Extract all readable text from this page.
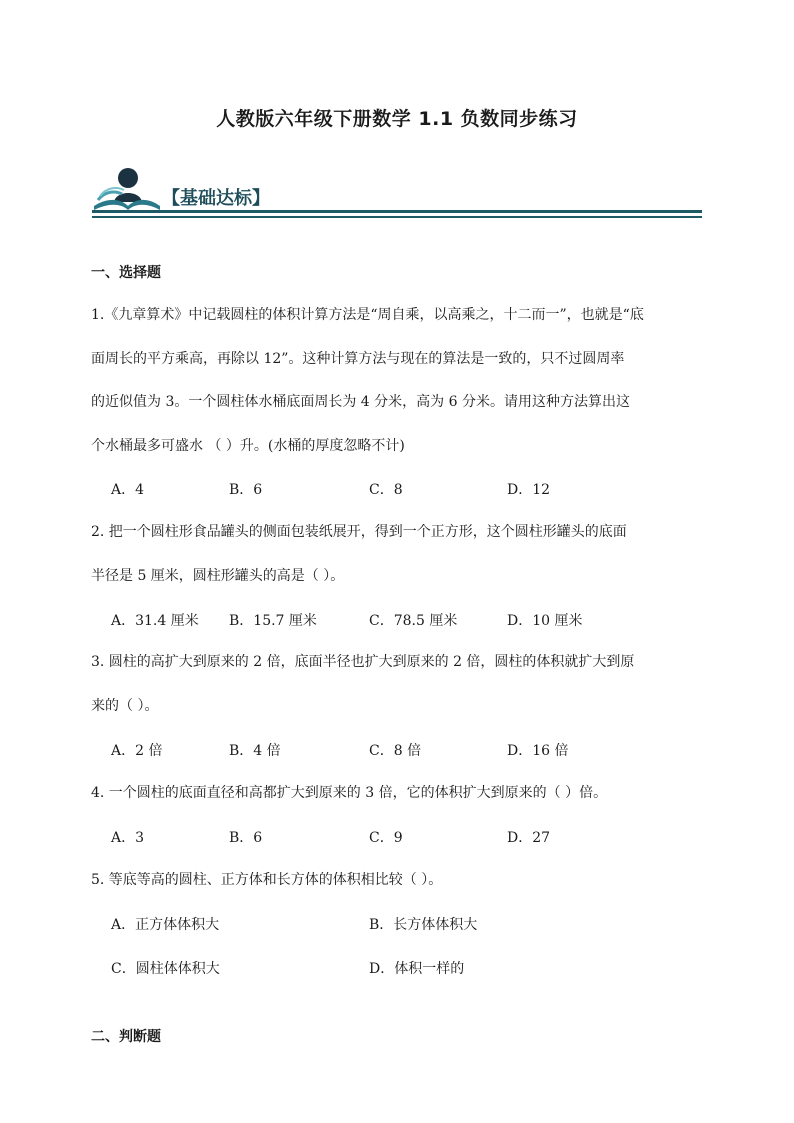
人教版六年级下册数学 1.1 负数同步练习
【基础达标】
一、选择题
1.《九章算术》中记载圆柱的体积计算方法是“周自乘，以高乘之，十二而一”，也就是“底
面周长的平方乘高，再除以 12”。这种计算方法与现在的算法是一致的，只不过圆周率
的近似值为 3。一个圆柱体水桶底面周长为 4 分米，高为 6 分米。请用这种方法算出这
个水桶最多可盛水 （ ）升。(水桶的厚度忽略不计)
A．4	B．6	C．8	D．12
2. 把一个圆柱形食品罐头的侧面包装纸展开，得到一个正方形，这个圆柱形罐头的底面
半径是 5 厘米，圆柱形罐头的高是（ ）。
A．31.4 厘米 B．15.7 厘米	C．78.5 厘米	D．10 厘米
3. 圆柱的高扩大到原来的 2 倍，底面半径也扩大到原来的 2 倍，圆柱的体积就扩大到原
来的（ ）。
A．2 倍	B．4 倍	C．8 倍	D．16 倍
4. 一个圆柱的底面直径和高都扩大到原来的 3 倍，它的体积扩大到原来的（ ）倍。
A．3	B．6	C．9	D．27
5. 等底等高的圆柱、正方体和长方体的体积相比较（ ）。
A．正方体体积大	B．长方体体积大
C．圆柱体体积大	D．体积一样的
二、判断题
